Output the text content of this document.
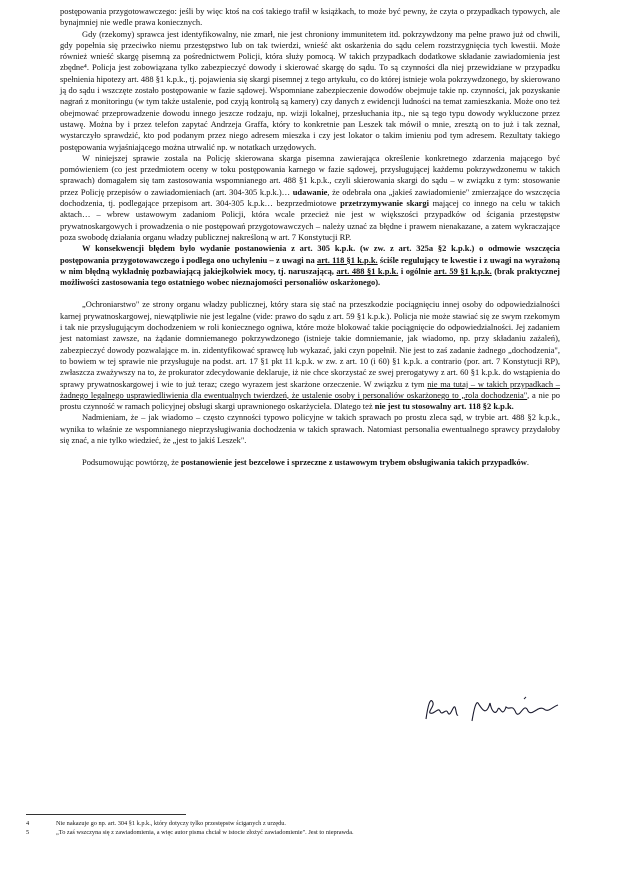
postępowania przygotowawczego: jeśli by więc ktoś na coś takiego trafił w książkach, to może być pewny, że czyta o przypadkach typowych, ale bynajmniej nie wedle prawa koniecznych.

Gdy (rzekomy) sprawca jest identyfikowalny, nie zmarł, nie jest chroniony immunitetem itd. pokrzywdzony ma pełne prawo już od chwili, gdy popełnia się przeciwko niemu przestępstwo lub on tak twierdzi, wnieść akt oskarżenia do sądu celem rozstrzygnięcia tych kwestii. Może również wnieść skargę pisemną za pośrednictwem Policji, która służy pomocą. W takich przypadkach dodatkowe składanie zawiadomienia jest zbędne⁴. Policja jest zobowiązana tylko zabezpieczyć dowody i skierować skargę do sądu. To są czynności dla niej przewidziane w przypadku spełnienia hipotezy art. 488 §1 k.p.k., tj. pojawienia się skargi pisemnej z tego artykułu, co do której istnieje wola pokrzywdzonego, by skierowano ją do sądu i wszczęte zostało postępowanie w fazie sądowej. Wspomniane zabezpieczenie dowodów obejmuje takie np. czynności, jak pozyskanie nagrań z monitoringu (w tym także ustalenie, pod czyją kontrolą są kamery) czy danych z ewidencji ludności na temat zamieszkania. Może ono też obejmować przeprowadzenie dowodu innego jeszcze rodzaju, np. wizji lokalnej, przesłuchania itp., nie są tego typu dowody wykluczone przez ustawę. Można by i przez telefon zapytać Andrzeja Graffa, który to konkretnie pan Leszek tak mówił o mnie, zresztą on to już i tak zeznał, wystarczyło sprawdzić, kto pod podanym przez niego adresem mieszka i czy jest lokator o takim imieniu pod tym adresem. Rezultaty takiego postępowania wyjaśniającego można utrwalić np. w notatkach urzędowych.

W niniejszej sprawie zostala na Policję skierowana skarga pisemna zawierająca określenie konkretnego zdarzenia mającego być pomówieniem (co jest przedmiotem oceny w toku postępowania karnego w fazie sądowej, przysługującej każdemu pokrzywdzonemu w takich sprawach) domagałem się tam zastosowania wspomnianego art. 488 §1 k.p.k., czyli skierowania skargi do sądu – w związku z tym: stosowanie przez Policję przepisów o zawiadomieniach (art. 304-305 k.p.k.)… udawanie, że odebrała ona „jakieś zawiadomienie" zmierzające do wszczęcia dochodzenia, tj. podlegające przepisom art. 304-305 k.p.k… bezprzedmiotowe przetrzymywanie skargi mającej co innego na celu w takich aktach… – wbrew ustawowym zadaniom Policji, która wcale przecież nie jest w większości przypadków od ścigania przestępstw prywatnoskargowych i prowadzenia o nie postępowań przygotowawczych – należy uznać za błędne i prawem nienakazane, a zatem wykraczające poza swobodę działania organu władzy publicznej nakreśloną w art. 7 Konstytucji RP.

W konsekwencji błędem było wydanie postanowienia z art. 305 k.p.k. (w zw. z art. 325a §2 k.p.k.) o odmowie wszczęcia postępowania przygotowawczego i podlega ono uchyleniu – z uwagi na art. 118 §1 k.p.k. ściśle regulujący te kwestie i z uwagi na wyrażoną w nim błędną wykładnię pozbawiającą jakiejkolwiek mocy, tj. naruszającą, art. 488 §1 k.p.k. i ogólnie art. 59 §1 k.p.k. (brak praktycznej możliwości zastosowania tego ostatniego wobec nieznajomości personaliów oskarżonego).

„Ochroniarstwo" ze strony organu władzy publicznej, który stara się stać na przeszkodzie pociągnięciu innej osoby do odpowiedzialności karnej prywatnoskargowej, niewątpliwie nie jest legalne (vide: prawo do sądu z art. 59 §1 k.p.k.). Policja nie może stawiać się ze swym rzekomym i tak nie przysługującym dochodzeniem w roli koniecznego ogniwa, które może blokować takie pociągnięcie do odpowiedzialności. Jej zadaniem jest natomiast zawsze, na żądanie domniemanego pokrzywdzonego (istnieje takie domniemanie, jak wiadomo, np. przy składaniu zażaleń), zabezpieczyć dowody pozwalające m. in. zidentyfikować sprawcę lub wykazać, jaki czyn popełnił. Nie jest to zaś zadanie żadnego „dochodzenia", to bowiem w tej sprawie nie przysługuje na podst. art. 17 §1 pkt 11 k.p.k. w zw. z art. 10 (i 60) §1 k.p.k. a contrario (por. art. 7 Konstytucji RP), zwłaszcza zważywszy na to, że prokurator zdecydowanie deklaruje, iż nie chce skorzystać ze swej prerogatywy z art. 60 §1 k.p.k. do wstąpienia do sprawy prywatnoskargowej i wie to już teraz; czego wyrazem jest skarżone orzeczenie. W związku z tym nie ma tutaj – w takich przypadkach – żadnego legalnego usprawiedliwienia dla ewentualnych twierdzeń, że ustalenie osoby i personaliów oskarżonego to „rola dochodzenia", a nie po prostu czynność w ramach policyjnej obsługi skargi uprawnionego oskarżyciela. Dlatego też nie jest tu stosowalny art. 118 §2 k.p.k.

Nadmieniam, że – jak wiadomo – często czynności typowo policyjne w takich sprawach po prostu zleca sąd, w trybie art. 488 §2 k.p.k., wynika to właśnie ze wspomnianego nieprzysługiwania dochodzenia w takich sprawach. Natomiast personalia ewentualnego sprawcy przydałoby się znać, a nie tylko wiedzieć, że „jest to jakiś Leszek".

Podsumowując powtórzę, że postanowienie jest bezcelowe i sprzeczne z ustawowym trybem obsługiwania takich przypadków.

4	Nie nakazuje go np. art. 304 §1 k.p.k., który dotyczy tylko przestępstw ściganych z urzędu.
5	„To zaś wszczyna się z zawiadomienia, a więc autor pisma chciał w istocie złożyć zawiadomienie". Jest to nieprawda.
